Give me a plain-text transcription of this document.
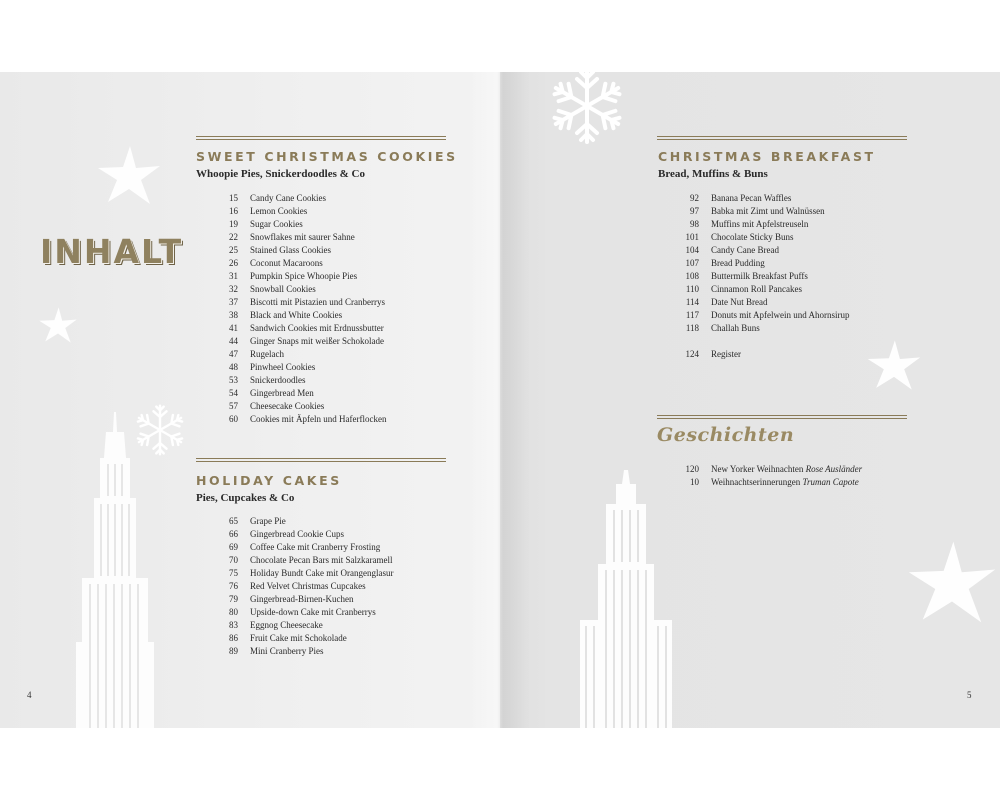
INHALT
SWEET CHRISTMAS COOKIES
Whoopie Pies, Snickerdoodles & Co
15 Candy Cane Cookies
16 Lemon Cookies
19 Sugar Cookies
22 Snowflakes mit saurer Sahne
25 Stained Glass Cookies
26 Coconut Macaroons
31 Pumpkin Spice Whoopie Pies
32 Snowball Cookies
37 Biscotti mit Pistazien und Cranberrys
38 Black and White Cookies
41 Sandwich Cookies mit Erdnussbutter
44 Ginger Snaps mit weißer Schokolade
47 Rugelach
48 Pinwheel Cookies
53 Snickerdoodles
54 Gingerbread Men
57 Cheesecake Cookies
60 Cookies mit Äpfeln und Haferflocken
HOLIDAY CAKES
Pies, Cupcakes & Co
65 Grape Pie
66 Gingerbread Cookie Cups
69 Coffee Cake mit Cranberry Frosting
70 Chocolate Pecan Bars mit Salzkaramell
75 Holiday Bundt Cake mit Orangenglasur
76 Red Velvet Christmas Cupcakes
79 Gingerbread-Birnen-Kuchen
80 Upside-down Cake mit Cranberrys
83 Eggnog Cheesecake
86 Fruit Cake mit Schokolade
89 Mini Cranberry Pies
4
CHRISTMAS BREAKFAST
Bread, Muffins & Buns
92 Banana Pecan Waffles
97 Babka mit Zimt und Walnüssen
98 Muffins mit Apfelstreuseln
101 Chocolate Sticky Buns
104 Candy Cane Bread
107 Bread Pudding
108 Buttermilk Breakfast Puffs
110 Cinnamon Roll Pancakes
114 Date Nut Bread
117 Donuts mit Apfelwein und Ahornsirup
118 Challah Buns
124 Register
Geschichten
120 New Yorker Weihnachten Rose Ausländer
10 Weihnachtserinnerungen Truman Capote
5
